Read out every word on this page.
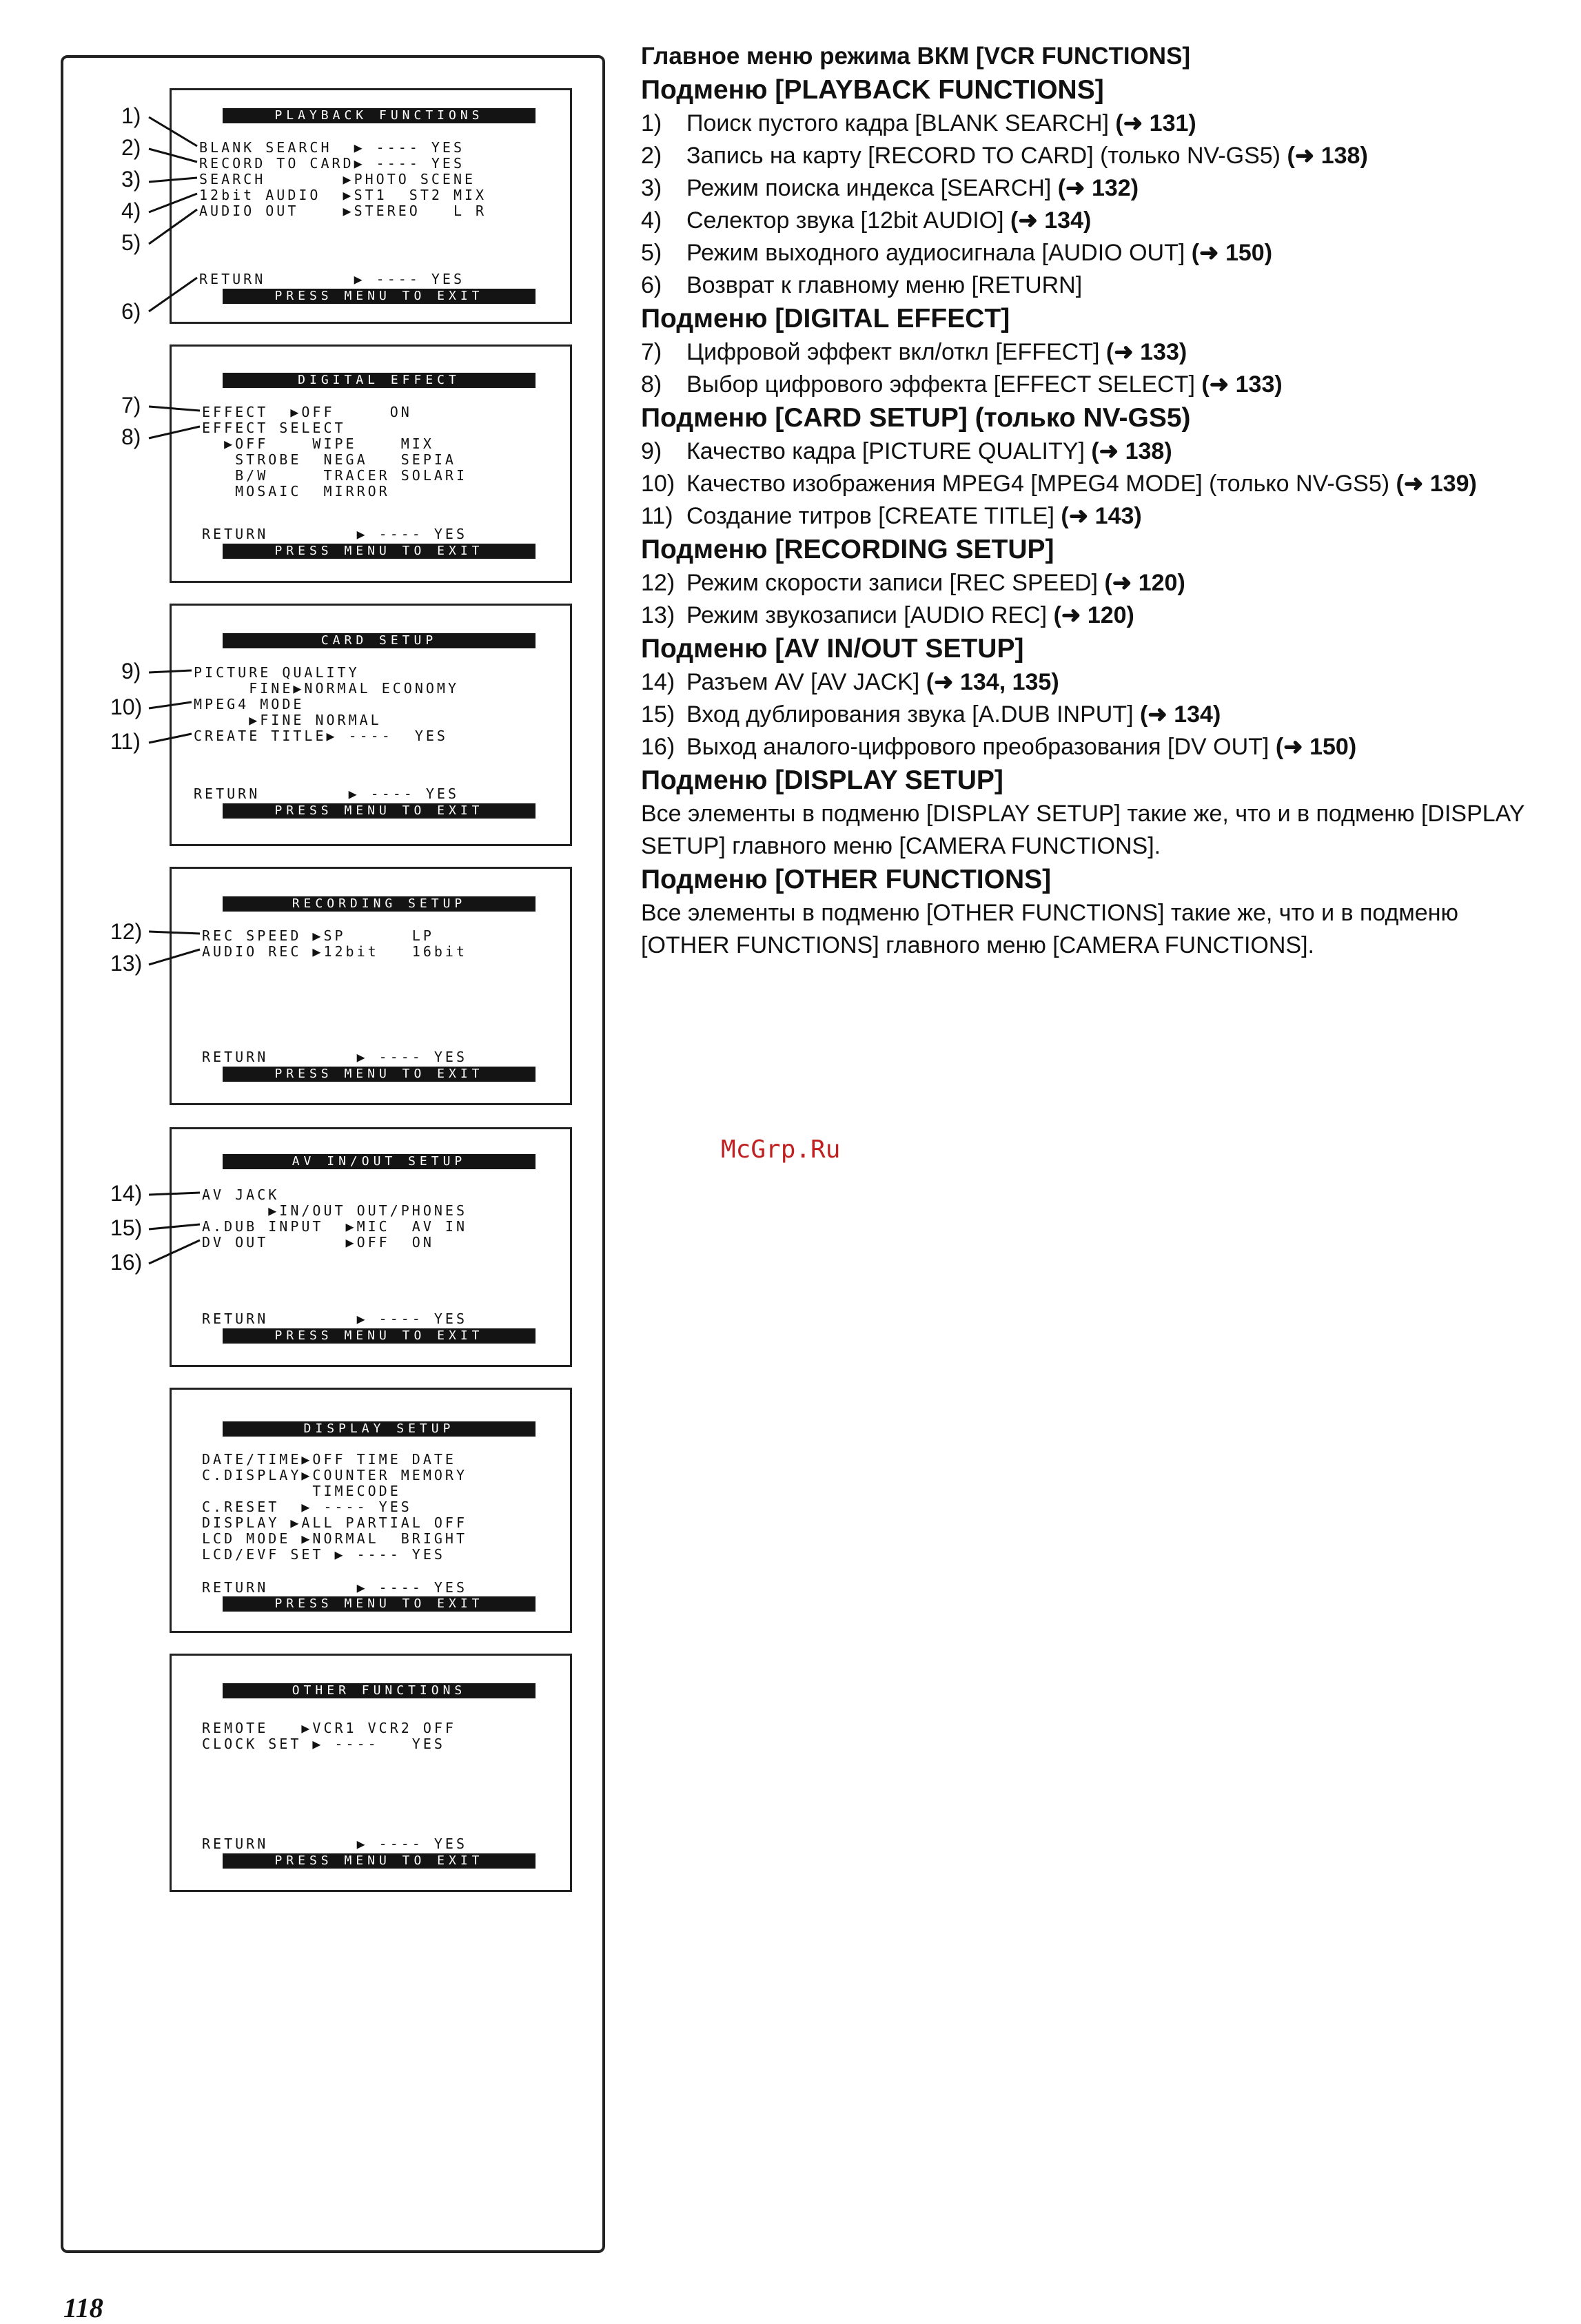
PLAYBACK FUNCTIONS
BLANK SEARCH  ▶ ---- YES
RECORD TO CARD▶ ---- YES
SEARCH       ▶PHOTO SCENE
12bit AUDIO  ▶ST1  ST2 MIX
AUDIO OUT    ▶STEREO   L R
RETURN        ▶ ---- YES
PRESS MENU TO EXIT
DIGITAL EFFECT
EFFECT  ▶OFF     ON
EFFECT SELECT
▶OFF    WIPE    MIX
STROBE  NEGA   SEPIA
B/W     TRACER SOLARI
MOSAIC  MIRROR
RETURN        ▶ ---- YES
PRESS MENU TO EXIT
CARD SETUP
PICTURE QUALITY
FINE▶NORMAL ECONOMY
MPEG4 MODE
▶FINE NORMAL
CREATE TITLE▶ ----  YES
RETURN        ▶ ---- YES
PRESS MENU TO EXIT
RECORDING SETUP
REC SPEED ▶SP      LP
AUDIO REC ▶12bit   16bit
RETURN        ▶ ---- YES
PRESS MENU TO EXIT
AV IN/OUT SETUP
AV JACK
▶IN/OUT OUT/PHONES
A.DUB INPUT  ▶MIC  AV IN
DV OUT       ▶OFF  ON
RETURN        ▶ ---- YES
PRESS MENU TO EXIT
DISPLAY SETUP
DATE/TIME▶OFF TIME DATE
C.DISPLAY▶COUNTER MEMORY
TIMECODE
C.RESET  ▶ ---- YES
DISPLAY ▶ALL PARTIAL OFF
LCD MODE ▶NORMAL  BRIGHT
LCD/EVF SET ▶ ---- YES
RETURN        ▶ ---- YES
PRESS MENU TO EXIT
OTHER FUNCTIONS
REMOTE   ▶VCR1 VCR2 OFF
CLOCK SET ▶ ----   YES
RETURN        ▶ ---- YES
PRESS MENU TO EXIT
1)
2)
3)
4)
5)
6)
7)
8)
9)
10)
11)
12)
13)
14)
15)
16)
Главное меню режима ВКМ [VCR FUNCTIONS]
Подменю [PLAYBACK FUNCTIONS]
1)	Поиск пустого кадра [BLANK SEARCH] (➜ 131)
2)	Запись на карту [RECORD TO CARD] (только NV-GS5) (➜ 138)
3)	Режим поиска индекса [SEARCH] (➜ 132)
4)	Селектор звука [12bit AUDIO] (➜ 134)
5)	Режим выходного аудиосигнала [AUDIO OUT] (➜ 150)
6)	Возврат к главному меню [RETURN]
Подменю [DIGITAL EFFECT]
7)	Цифровой эффект вкл/откл [EFFECT] (➜ 133)
8)	Выбор цифрового эффекта [EFFECT SELECT] (➜ 133)
Подменю [CARD SETUP] (только NV-GS5)
9)	Качество кадра [PICTURE QUALITY] (➜ 138)
10) Качество изображения MPEG4 [MPEG4 MODE] (только NV-GS5) (➜ 139)
11) Создание титров [CREATE TITLE] (➜ 143)
Подменю [RECORDING SETUP]
12) Режим скорости записи [REC SPEED] (➜ 120)
13) Режим звукозаписи [AUDIO REC] (➜ 120)
Подменю [AV IN/OUT SETUP]
14) Разъем AV [AV JACK] (➜ 134, 135)
15) Вход дублирования звука [A.DUB INPUT] (➜ 134)
16) Выход аналого-цифрового преобразования [DV OUT] (➜ 150)
Подменю [DISPLAY SETUP]
Все элементы в подменю [DISPLAY SETUP] такие же, что и в подменю [DISPLAY SETUP] главного меню [CAMERA FUNCTIONS].
Подменю [OTHER FUNCTIONS]
Все элементы в подменю [OTHER FUNCTIONS] такие же, что и в подменю [OTHER FUNCTIONS] главного меню [CAMERA FUNCTIONS].
McGrp.Ru
118
